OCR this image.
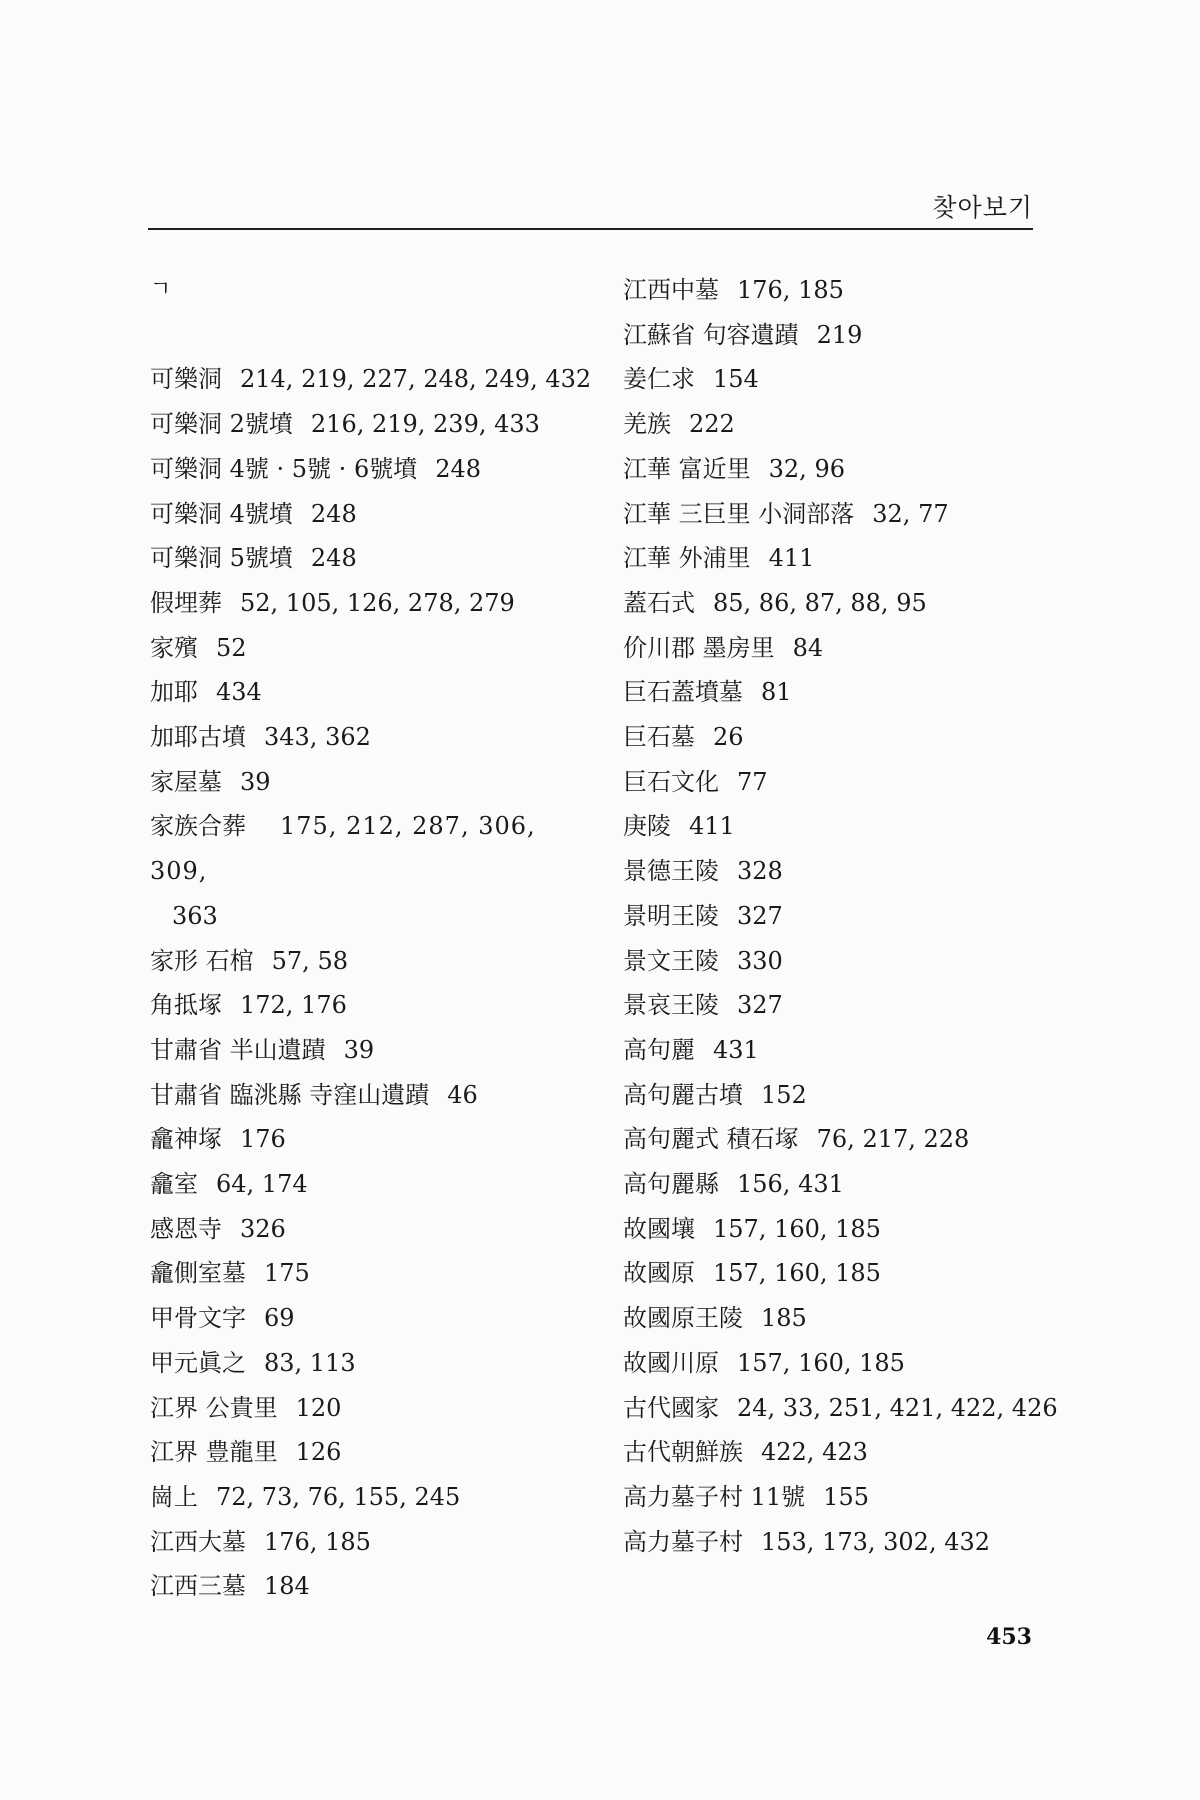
찾아보기
ㄱ
可樂洞 214, 219, 227, 248, 249, 432
可樂洞 2號墳 216, 219, 239, 433
可樂洞 4號 · 5號 · 6號墳 248
可樂洞 4號墳 248
可樂洞 5號墳 248
假埋葬 52, 105, 126, 278, 279
家殯 52
加耶 434
加耶古墳 343, 362
家屋墓 39
家族合葬 175, 212, 287, 306, 309,
363
家形 石棺 57, 58
角抵塚 172, 176
甘肅省 半山遺蹟 39
甘肅省 臨洮縣 寺窪山遺蹟 46
龕神塚 176
龕室 64, 174
感恩寺 326
龕側室墓 175
甲骨文字 69
甲元眞之 83, 113
江界 公貴里 120
江界 豊龍里 126
崗上 72, 73, 76, 155, 245
江西大墓 176, 185
江西三墓 184
江西中墓 176, 185
江蘇省 句容遺蹟 219
姜仁求 154
羌族 222
江華 富近里 32, 96
江華 三巨里 小洞部落 32, 77
江華 外浦里 411
蓋石式 85, 86, 87, 88, 95
价川郡 墨房里 84
巨石蓋墳墓 81
巨石墓 26
巨石文化 77
庚陵 411
景德王陵 328
景明王陵 327
景文王陵 330
景哀王陵 327
高句麗 431
高句麗古墳 152
高句麗式 積石塚 76, 217, 228
高句麗縣 156, 431
故國壤 157, 160, 185
故國原 157, 160, 185
故國原王陵 185
故國川原 157, 160, 185
古代國家 24, 33, 251, 421, 422, 426
古代朝鮮族 422, 423
高力墓子村 11號 155
高力墓子村 153, 173, 302, 432
453
